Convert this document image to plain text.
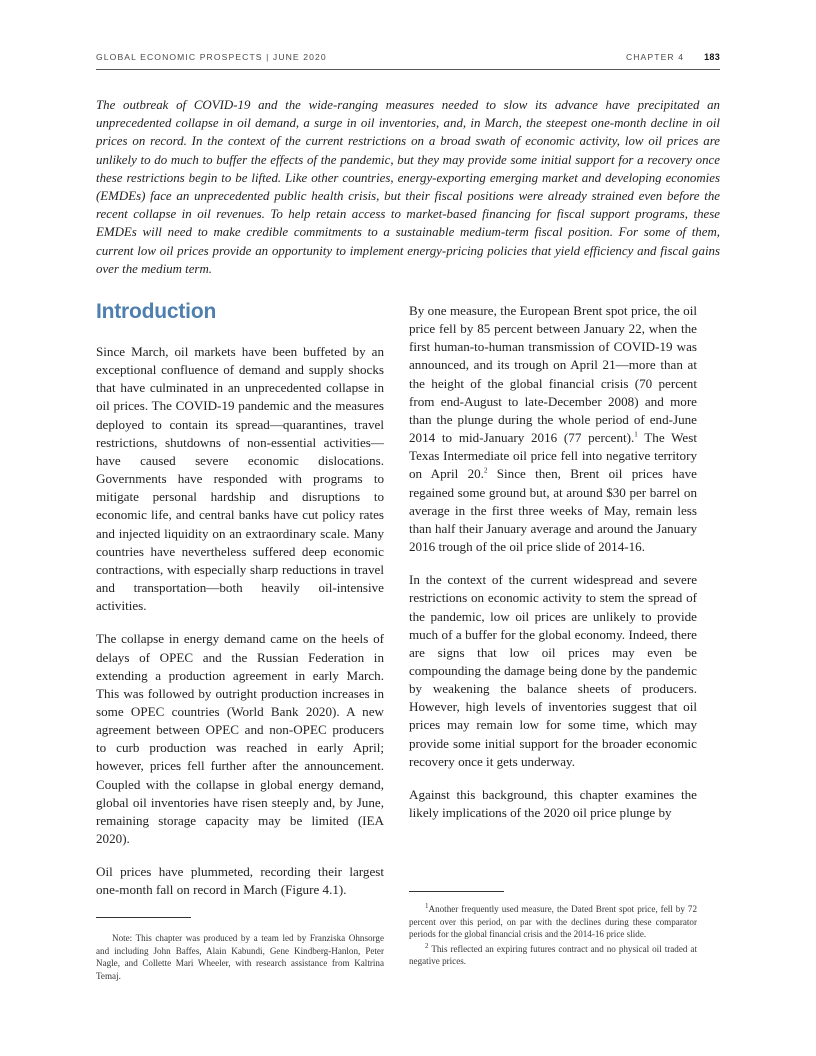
GLOBAL ECONOMIC PROSPECTS | JUNE 2020	CHAPTER 4 183
The outbreak of COVID-19 and the wide-ranging measures needed to slow its advance have precipitated an unprecedented collapse in oil demand, a surge in oil inventories, and, in March, the steepest one-month decline in oil prices on record. In the context of the current restrictions on a broad swath of economic activity, low oil prices are unlikely to do much to buffer the effects of the pandemic, but they may provide some initial support for a recovery once these restrictions begin to be lifted. Like other countries, energy-exporting emerging market and developing economies (EMDEs) face an unprecedented public health crisis, but their fiscal positions were already strained even before the recent collapse in oil revenues. To help retain access to market-based financing for fiscal support programs, these EMDEs will need to make credible commitments to a sustainable medium-term fiscal position. For some of them, current low oil prices provide an opportunity to implement energy-pricing policies that yield efficiency and fiscal gains over the medium term.
Introduction

Since March, oil markets have been buffeted by an exceptional confluence of demand and supply shocks that have culminated in an unprecedented collapse in oil prices. The COVID-19 pandemic and the measures deployed to contain its spread—quarantines, travel restrictions, shutdowns of non-essential activities—have caused severe economic dislocations. Governments have responded with programs to mitigate personal hardship and disruptions to economic life, and central banks have cut policy rates and injected liquidity on an extraordinary scale. Many countries have nevertheless suffered deep economic contractions, with especially sharp reductions in travel and transportation—both heavily oil-intensive activities.

The collapse in energy demand came on the heels of delays of OPEC and the Russian Federation in extending a production agreement in early March. This was followed by outright production increases in some OPEC countries (World Bank 2020). A new agreement between OPEC and non-OPEC producers to curb production was reached in early April; however, prices fell further after the announcement. Coupled with the collapse in global energy demand, global oil inventories have risen steeply and, by June, remaining storage capacity may be limited (IEA 2020).

Oil prices have plummeted, recording their largest one-month fall on record in March (Figure 4.1).

By one measure, the European Brent spot price, the oil price fell by 85 percent between January 22, when the first human-to-human transmission of COVID-19 was announced, and its trough on April 21—more than at the height of the global financial crisis (70 percent from end-August to late-December 2008) and more than the plunge during the whole period of end-June 2014 to mid-January 2016 (77 percent).$^1$ The West Texas Intermediate oil price fell into negative territory on April 20.$^2$ Since then, Brent oil prices have regained some ground but, at around $30 per barrel on average in the first three weeks of May, remain less than half their January average and around the January 2016 trough of the oil price slide of 2014-16.

In the context of the current widespread and severe restrictions on economic activity to stem the spread of the pandemic, low oil prices are unlikely to provide much of a buffer for the global economy. Indeed, there are signs that low oil prices may even be compounding the damage being done by the pandemic by weakening the balance sheets of producers. However, high levels of inventories suggest that oil prices may remain low for some time, which may provide some initial support for the broader economic recovery once it gets underway.

Against this background, this chapter examines the likely implications of the 2020 oil price plunge by

Note: This chapter was produced by a team led by Franziska Ohnsorge and including John Baffes, Alain Kabundi, Gene Kindberg-Hanlon, Peter Nagle, and Collette Mari Wheeler, with research assistance from Kaltrina Temaj.

$^1$Another frequently used measure, the Dated Brent spot price, fell by 72 percent over this period, on par with the declines during these comparator periods for the global financial crisis and the 2014-16 price slide.

$^2$ This reflected an expiring futures contract and no physical oil traded at negative prices.
